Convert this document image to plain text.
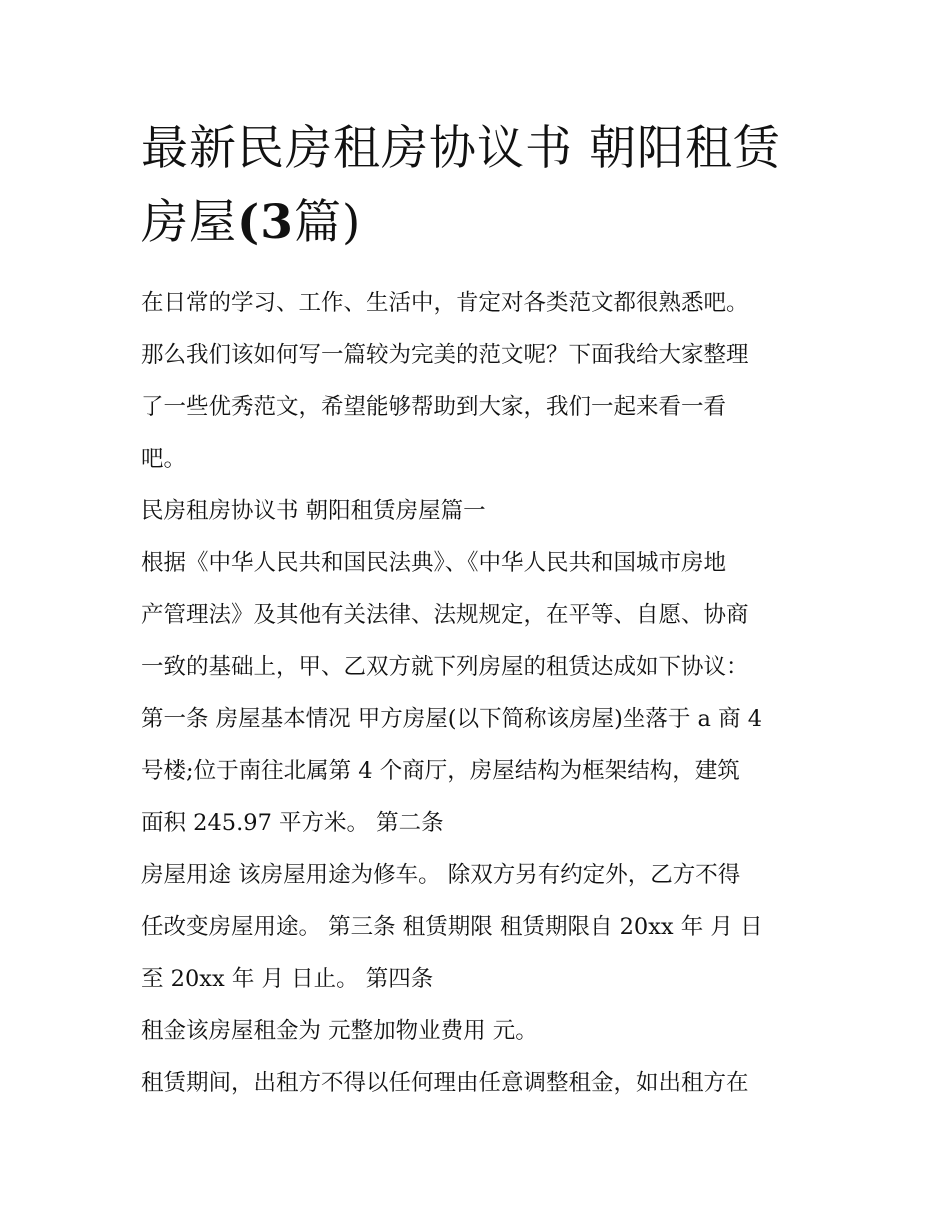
最新民房租房协议书 朝阳租赁
房屋(3篇)

在日常的学习、工作、生活中，肯定对各类范文都很熟悉吧。

那么我们该如何写一篇较为完美的范文呢？下面我给大家整理

了一些优秀范文，希望能够帮助到大家，我们一起来看一看

吧。

民房租房协议书 朝阳租赁房屋篇一

根据《中华人民共和国民法典》、《中华人民共和国城市房地

产管理法》及其他有关法律、法规规定，在平等、自愿、协商

一致的基础上，甲、乙双方就下列房屋的租赁达成如下协议：

第一条 房屋基本情况 甲方房屋(以下简称该房屋)坐落于 a 商 4

号楼;位于南往北属第 4 个商厅，房屋结构为框架结构，建筑

面积 245.97 平方米。 第二条

房屋用途 该房屋用途为修车。 除双方另有约定外，乙方不得

任改变房屋用途。 第三条 租赁期限 租赁期限自 20xx 年 月 日

至 20xx 年 月 日止。 第四条

租金该房屋租金为 元整加物业费用 元。

租赁期间，出租方不得以任何理由任意调整租金，如出租方在
